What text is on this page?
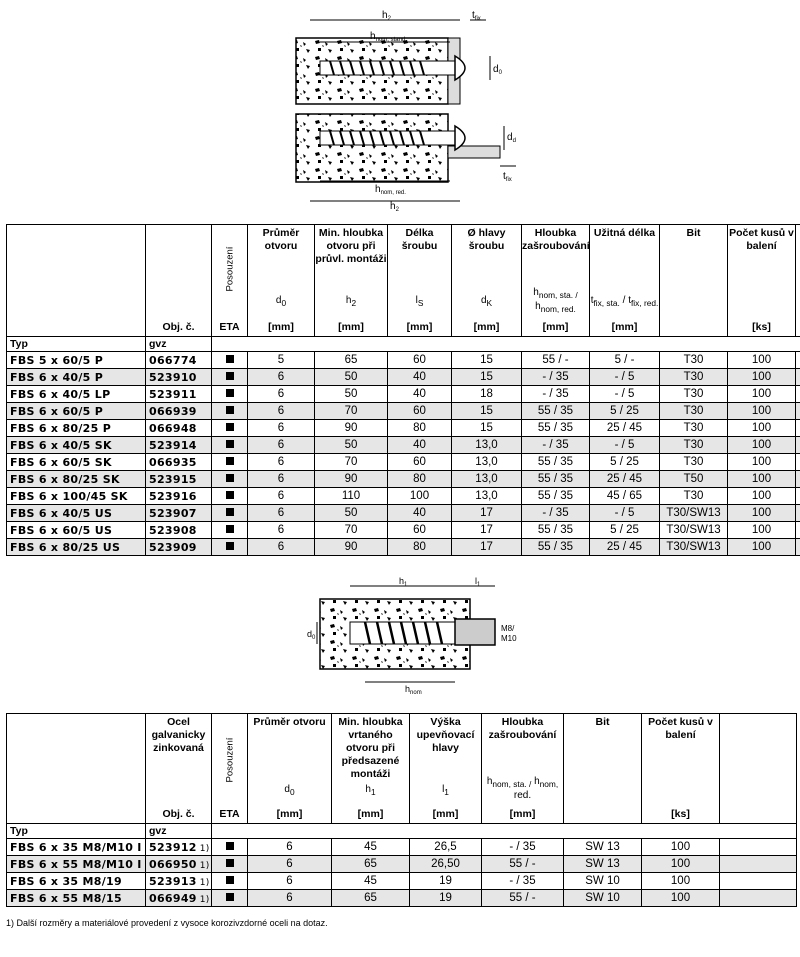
$h_2$
$h_{nom, stand.}$
$t_{fix}$
$d_0$
$d_d$
$t_{fix}$
$h_{nom, red.}$
$h_2$

	Obj. č.	Posouzení
ETA	Průměr otvoru
$d_0$
[mm]	Min. hloubka otvoru při průvl. montáži
$h_2$
[mm]	Délka šroubu
$l_S$
[mm]	Ø hlavy šroubu
$d_K$
[mm]	Hloubka zašroubování
$h_{nom, sta. /}$
$h_{nom, red.}$
[mm]	Užitná délka
$t_{fix, sta.} / t_{fix, red.}$
[mm]	Bit	Počet kusů v balení
[ks]	

Typ	gvz										
FBS 5 x 60/5 P	066774		5	65	60	15	55 / -	5 / -	T30	100	
FBS 6 x 40/5 P	523910		6	50	40	15	- / 35	- / 5	T30	100	
FBS 6 x 40/5 LP	523911		6	50	40	18	- / 35	- / 5	T30	100	
FBS 6 x 60/5 P	066939		6	70	60	15	55 / 35	5 / 25	T30	100	
FBS 6 x 80/25 P	066948		6	90	80	15	55 / 35	25 / 45	T30	100	
FBS 6 x 40/5 SK	523914		6	50	40	13,0	- / 35	- / 5	T30	100	
FBS 6 x 60/5 SK	066935		6	70	60	13,0	55 / 35	5 / 25	T30	100	
FBS 6 x 80/25 SK	523915		6	90	80	13,0	55 / 35	25 / 45	T50	100	
FBS 6 x 100/45 SK	523916		6	110	100	13,0	55 / 35	45 / 65	T30	100	
FBS 6 x 40/5 US	523907		6	50	40	17	- / 35	- / 5	T30/SW13	100	
FBS 6 x 60/5 US	523908		6	70	60	17	55 / 35	5 / 25	T30/SW13	100	
FBS 6 x 80/25 US	523909		6	90	80	17	55 / 35	25 / 45	T30/SW13	100	
$h_1$	$l_1$
$d_0$
M8/
M10
$h_{nom}$

	Ocel galvanicky zinkovaná
Obj. č.	Posouzení
ETA	Průměr otvoru
$d_0$
[mm]	Min. hloubka vrtaného otvoru při předsazené montáži
$h_1$
[mm]	Výška upevňovací hlavy
$l_1$
[mm]	Hloubka zašroubování
$h_{nom, sta. /}$ $h_{nom,}$
red.
[mm]	Bit	Počet kusů v balení
[ks]	

Typ	gvz								
FBS 6 x 35 M8/M10 I	523912 1)		6	45	26,5	- / 35	SW 13	100	
FBS 6 x 55 M8/M10 I	066950 1)		6	65	26,50	55 / -	SW 13	100	
FBS 6 x 35 M8/19	523913 1)		6	45	19	- / 35	SW 10	100	
FBS 6 x 55 M8/15	066949 1)		6	65	19	55 / -	SW 10	100	
1) Další rozměry a materiálové provedení z vysoce korozivzdorné oceli na dotaz.
